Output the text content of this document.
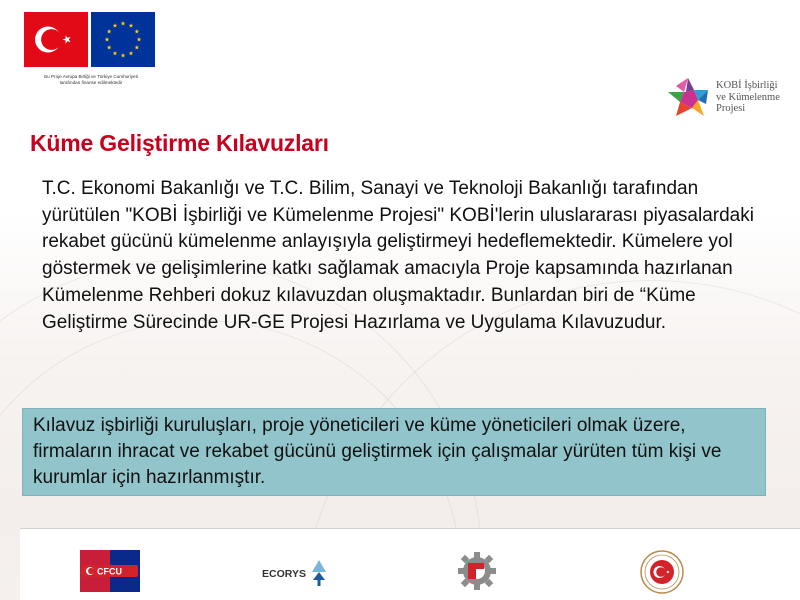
Bu Proje Avrupa Birliği ve Türkiye Cumhuriyeti
tarafından finanse edilmektedir	KOBİ İşbirliği
ve Kümelenme
Projesi
Küme Geliştirme Kılavuzları

T.C. Ekonomi Bakanlığı ve T.C. Bilim, Sanayi ve Teknoloji Bakanlığı tarafından yürütülen "KOBİ İşbirliği ve Kümelenme Projesi" KOBİ'lerin uluslararası piyasalardaki rekabet gücünü kümelenme anlayışıyla geliştirmeyi hedeflemektedir. Kümelere yol göstermek ve gelişimlerine katkı sağlamak amacıyla Proje kapsamında hazırlanan Kümelenme Rehberi dokuz kılavuzdan oluşmaktadır. Bunlardan biri de “Küme Geliştirme Sürecinde UR-GE Projesi Hazırlama ve Uygulama Kılavuzudur.

Kılavuz işbirliği kuruluşları, proje yöneticileri ve küme yöneticileri olmak üzere, firmaların ihracat ve rekabet gücünü geliştirmek için çalışmalar yürüten tüm kişi ve kurumlar için hazırlanmıştır.

CFCU	ECORYS
